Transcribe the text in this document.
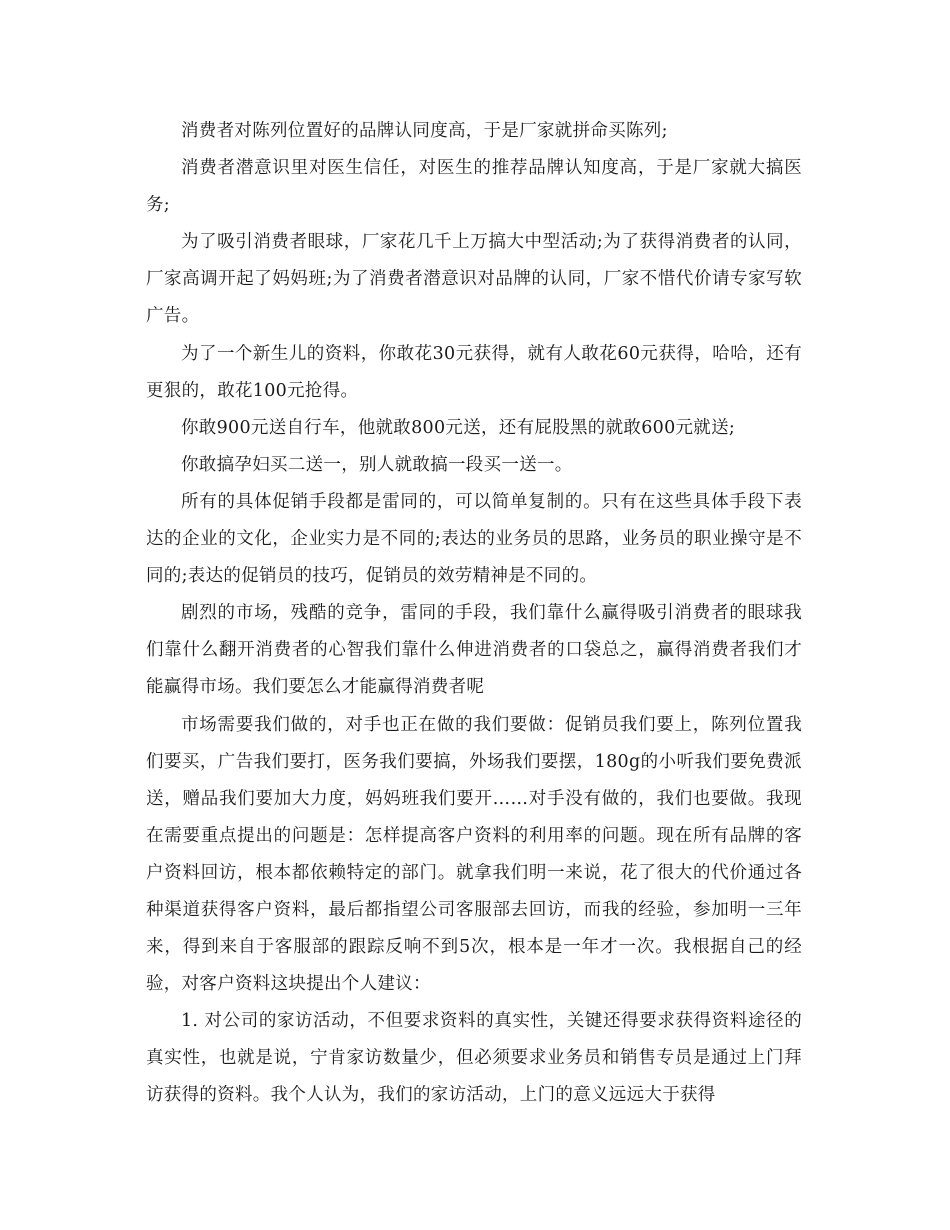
消费者对陈列位置好的品牌认同度高，于是厂家就拼命买陈列;

消费者潜意识里对医生信任，对医生的推荐品牌认知度高，于是厂家就大搞医务;

为了吸引消费者眼球，厂家花几千上万搞大中型活动;为了获得消费者的认同，厂家高调开起了妈妈班;为了消费者潜意识对品牌的认同，厂家不惜代价请专家写软广告。

为了一个新生儿的资料，你敢花30元获得，就有人敢花60元获得，哈哈，还有更狠的，敢花100元抢得。

你敢900元送自行车，他就敢800元送，还有屁股黑的就敢600元就送;

你敢搞孕妇买二送一，别人就敢搞一段买一送一。

所有的具体促销手段都是雷同的，可以简单复制的。只有在这些具体手段下表达的企业的文化，企业实力是不同的;表达的业务员的思路，业务员的职业操守是不同的;表达的促销员的技巧，促销员的效劳精神是不同的。

剧烈的市场，残酷的竞争，雷同的手段，我们靠什么赢得吸引消费者的眼球我们靠什么翻开消费者的心智我们靠什么伸进消费者的口袋总之，赢得消费者我们才能赢得市场。我们要怎么才能赢得消费者呢

市场需要我们做的，对手也正在做的我们要做：促销员我们要上，陈列位置我们要买，广告我们要打，医务我们要搞，外场我们要摆，180g的小听我们要免费派送，赠品我们要加大力度，妈妈班我们要开……对手没有做的，我们也要做。我现在需要重点提出的问题是：怎样提高客户资料的利用率的问题。现在所有品牌的客户资料回访，根本都依赖特定的部门。就拿我们明一来说，花了很大的代价通过各种渠道获得客户资料，最后都指望公司客服部去回访，而我的经验，参加明一三年来，得到来自于客服部的跟踪反响不到5次，根本是一年才一次。我根据自己的经验，对客户资料这块提出个人建议：

1. 对公司的家访活动，不但要求资料的真实性，关键还得要求获得资料途径的真实性，也就是说，宁肯家访数量少，但必须要求业务员和销售专员是通过上门拜访获得的资料。我个人认为，我们的家访活动，上门的意义远远大于获得
